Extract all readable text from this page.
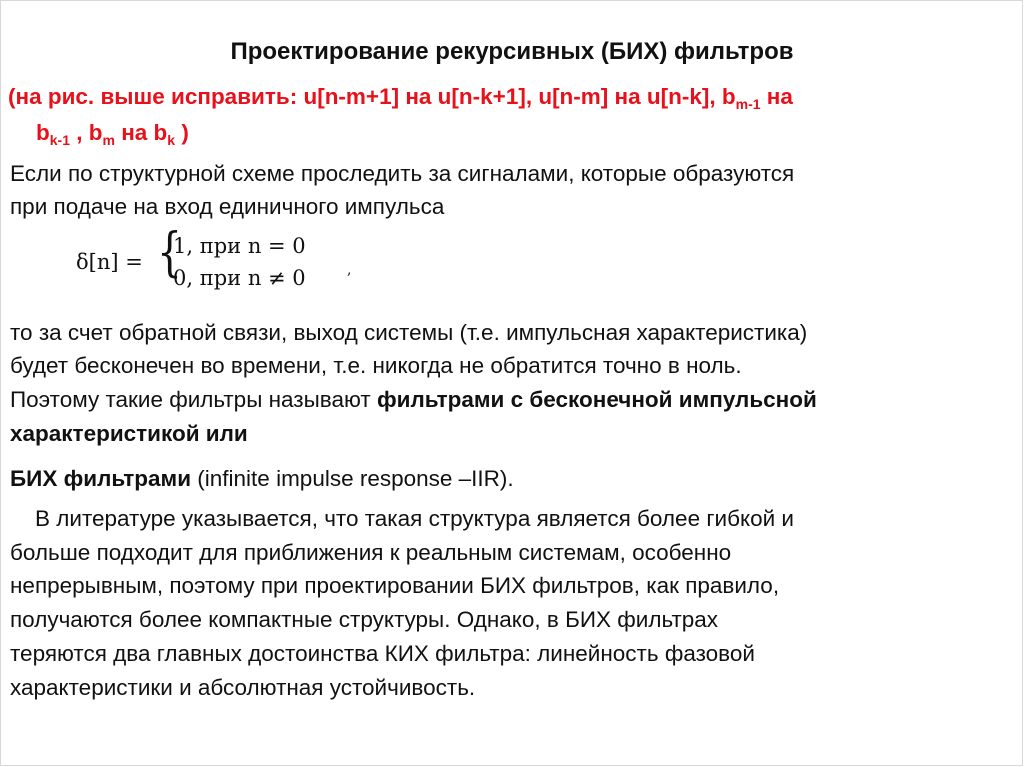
Проектирование рекурсивных (БИХ) фильтров
(на рис. выше исправить: u[n-m+1] на u[n-k+1], u[n-m] на u[n-k], $b_{m-1}$ на
$b_{k-1}$ , $b_m$ на $b_k$ )
Если по структурной схеме проследить за сигналами, которые образуются
при подаче на вход единичного импульса
δ[n] = {
1, при n = 0
0, при n ≠ 0	,
то за счет обратной связи, выход системы (т.е. импульсная характеристика)
будет бесконечен во времени, т.е. никогда не обратится точно в ноль.
Поэтому такие фильтры называют фильтрами с бесконечной импульсной
характеристикой или
БИХ фильтрами (infinite impulse response –IIR).
В литературе указывается, что такая структура является более гибкой и
больше подходит для приближения к реальным системам, особенно
непрерывным, поэтому при проектировании БИХ фильтров, как правило,
получаются более компактные структуры. Однако, в БИХ фильтрах
теряются два главных достоинства КИХ фильтра: линейность фазовой
характеристики и абсолютная устойчивость.
